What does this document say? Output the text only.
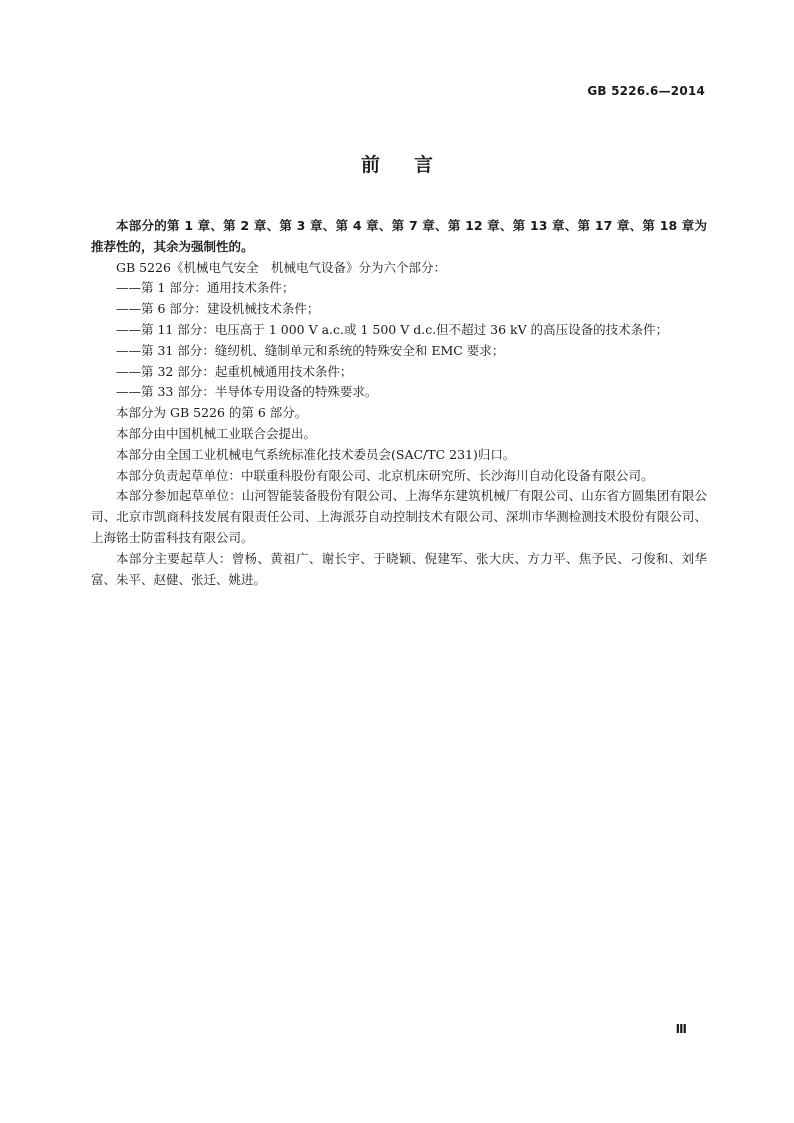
GB 5226.6—2014
前言

本部分的第 1 章、第 2 章、第 3 章、第 4 章、第 7 章、第 12 章、第 13 章、第 17 章、第 18 章为推荐性的，其余为强制性的。

GB 5226《机械电气安全　机械电气设备》分为六个部分：

——第 1 部分：通用技术条件；

——第 6 部分：建设机械技术条件；

——第 11 部分：电压高于 1 000 V a.c.或 1 500 V d.c.但不超过 36 kV 的高压设备的技术条件；

——第 31 部分：缝纫机、缝制单元和系统的特殊安全和 EMC 要求；

——第 32 部分：起重机械通用技术条件；

——第 33 部分：半导体专用设备的特殊要求。

本部分为 GB 5226 的第 6 部分。

本部分由中国机械工业联合会提出。

本部分由全国工业机械电气系统标准化技术委员会(SAC/TC 231)归口。

本部分负责起草单位：中联重科股份有限公司、北京机床研究所、长沙海川自动化设备有限公司。

本部分参加起草单位：山河智能装备股份有限公司、上海华东建筑机械厂有限公司、山东省方圆集团有限公司、北京市凯商科技发展有限责任公司、上海派芬自动控制技术有限公司、深圳市华测检测技术股份有限公司、上海铭士防雷科技有限公司。

本部分主要起草人：曾杨、黄祖广、谢长宇、于晓颖、倪建军、张大庆、方力平、焦予民、刁俊和、刘华富、朱平、赵健、张迁、姚进。

Ⅲ
